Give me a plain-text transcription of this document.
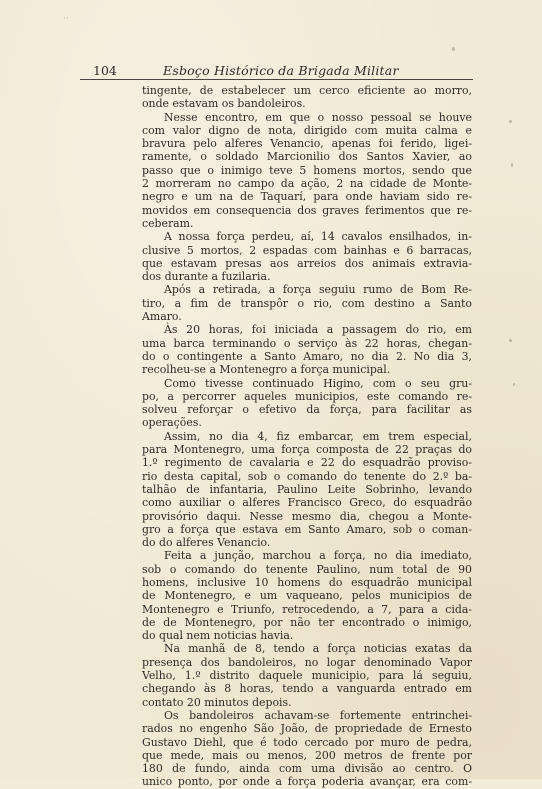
104	Esboço Histórico da Brigada Militar
tingente, de estabelecer um cerco eficiente ao morro,
onde estavam os bandoleiros.
Nesse encontro, em que o nosso pessoal se houve
com valor digno de nota, dirigido com muita calma e
bravura pelo alferes Venancio, apenas foi ferido, ligei-
ramente, o soldado Marcionilio dos Santos Xavier, ao
passo que o inimigo teve 5 homens mortos, sendo que
2 morreram no campo da ação, 2 na cidade de Monte-
negro e um na de Taquarí, para onde haviam sido re-
movidos em consequencia dos graves ferimentos que re-
ceberam.
A nossa força perdeu, aí, 14 cavalos ensilhados, in-
clusive 5 mortos, 2 espadas com bainhas e 6 barracas,
que estavam presas aos arreios dos animais extravia-
dos durante a fuzilaria.
Após a retirada, a força seguiu rumo de Bom Re-
tiro, a fim de transpôr o rio, com destino a Santo
Amaro.
Às 20 horas, foi iniciada a passagem do rio, em
uma barca terminando o serviço às 22 horas, chegan-
do o contingente a Santo Amaro, no dia 2. No dia 3,
recolheu-se a Montenegro a força municipal.
Como tivesse continuado Higino, com o seu gru-
po, a percorrer aqueles municipios, este comando re-
solveu reforçar o efetivo da força, para facilitar as
operações.
Assim, no dia 4, fiz embarcar, em trem especial,
para Montenegro, uma força composta de 22 praças do
1.º regimento de cavalaria e 22 do esquadrão proviso-
rio desta capital, sob o comando do tenente do 2.º ba-
talhão de infantaria, Paulino Leite Sobrinho, levando
como auxiliar o alferes Francisco Greco, do esquadrão
provisório daqui. Nesse mesmo dia, chegou a Monte-
gro a força que estava em Santo Amaro, sob o coman-
do do alferes Venancio.
Feita a junção, marchou a força, no dia imediato,
sob o comando do tenente Paulino, num total de 90
homens, inclusive 10 homens do esquadrão municipal
de Montenegro, e um vaqueano, pelos municipios de
Montenegro e Triunfo, retrocedendo, a 7, para a cida-
de de Montenegro, por não ter encontrado o inimigo,
do qual nem noticias havia.
Na manhã de 8, tendo a força noticias exatas da
presença dos bandoleiros, no logar denominado Vapor
Velho, 1.º distrito daquele municipio, para lá seguiu,
chegando às 8 horas, tendo a vanguarda entrado em
contato 20 minutos depois.
Os bandoleiros achavam-se fortemente entrinchei-
rados no engenho São João, de propriedade de Ernesto
Gustavo Diehl, que é todo cercado por muro de pedra,
que mede, mais ou menos, 200 metros de frente por
180 de fundo, ainda com uma divisão ao centro. O
unico ponto, por onde a força poderia avançar, era com-
··
